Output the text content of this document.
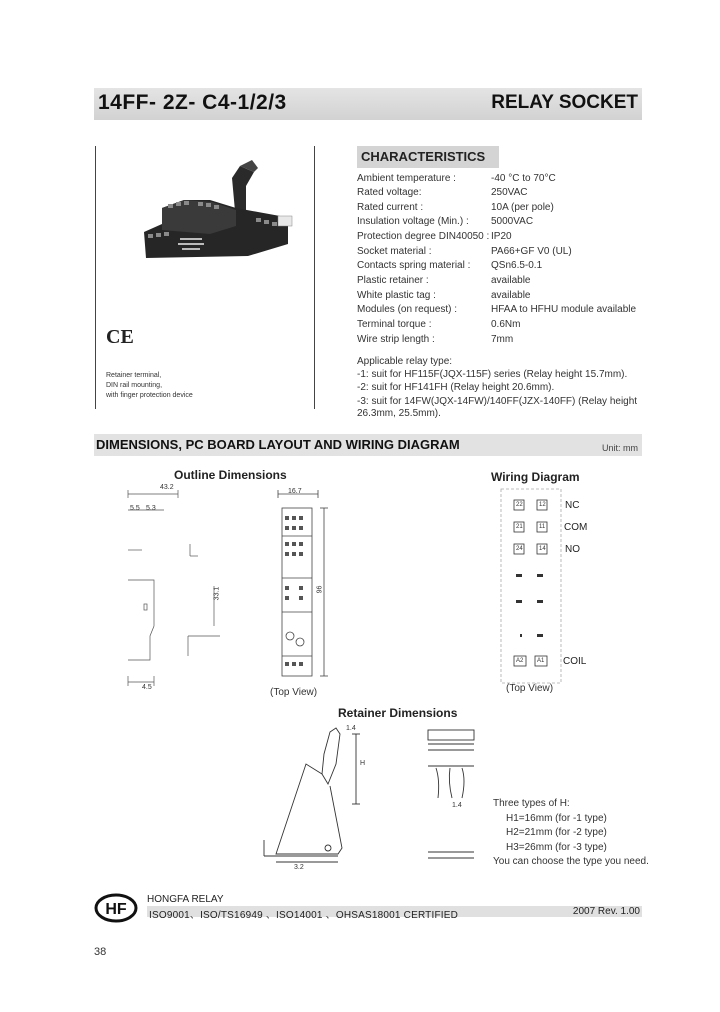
14FF- 2Z- C4-1/2/3	RELAY SOCKET
CE
Retainer terminal,
DIN rail mounting,
with finger protection device
CHARACTERISTICS
Ambient temperature :	-40 °C to 70°C
Rated voltage:	250VAC
Rated current :	10A (per pole)
Insulation voltage (Min.) : 5000VAC
Protection degree DIN40050 : IP20
Socket material :	PA66+GF V0 (UL)
Contacts spring material : QSn6.5-0.1
Plastic retainer :	available
White plastic tag :	available
Modules (on request) :	HFAA to HFHU module available
Terminal torque :	0.6Nm
Wire strip length :	7mm
Applicable relay type:
-1: suit for HF115F(JQX-115F) series (Relay height 15.7mm).
-2: suit for HF141FH (Relay height 20.6mm).
-3: suit for 14FW(JQX-14FW)/140FF(JZX-140FF) (Relay height
26.3mm, 25.5mm).
DIMENSIONS, PC BOARD LAYOUT AND WIRING DIAGRAM	Unit: mm
Outline Dimensions	Wiring Diagram
43.2
5.5 5.3
33.1
4.5
16.7
96
(Top View)
22	12 NC
21	11 COM
24	14 NO
A2 A1 COIL
(Top View)
Retainer Dimensions
1.4
H
3.2
1.4	Three types of H:
H1=16mm (for -1 type)
H2=21mm (for -2 type)
H3=26mm (for -3 type)
You can choose the type you need.
HF
HONGFA RELAY
ISO9001、ISO/TS16949 、ISO14001 、OHSAS18001 CERTIFIED	2007 Rev. 1.00
38
